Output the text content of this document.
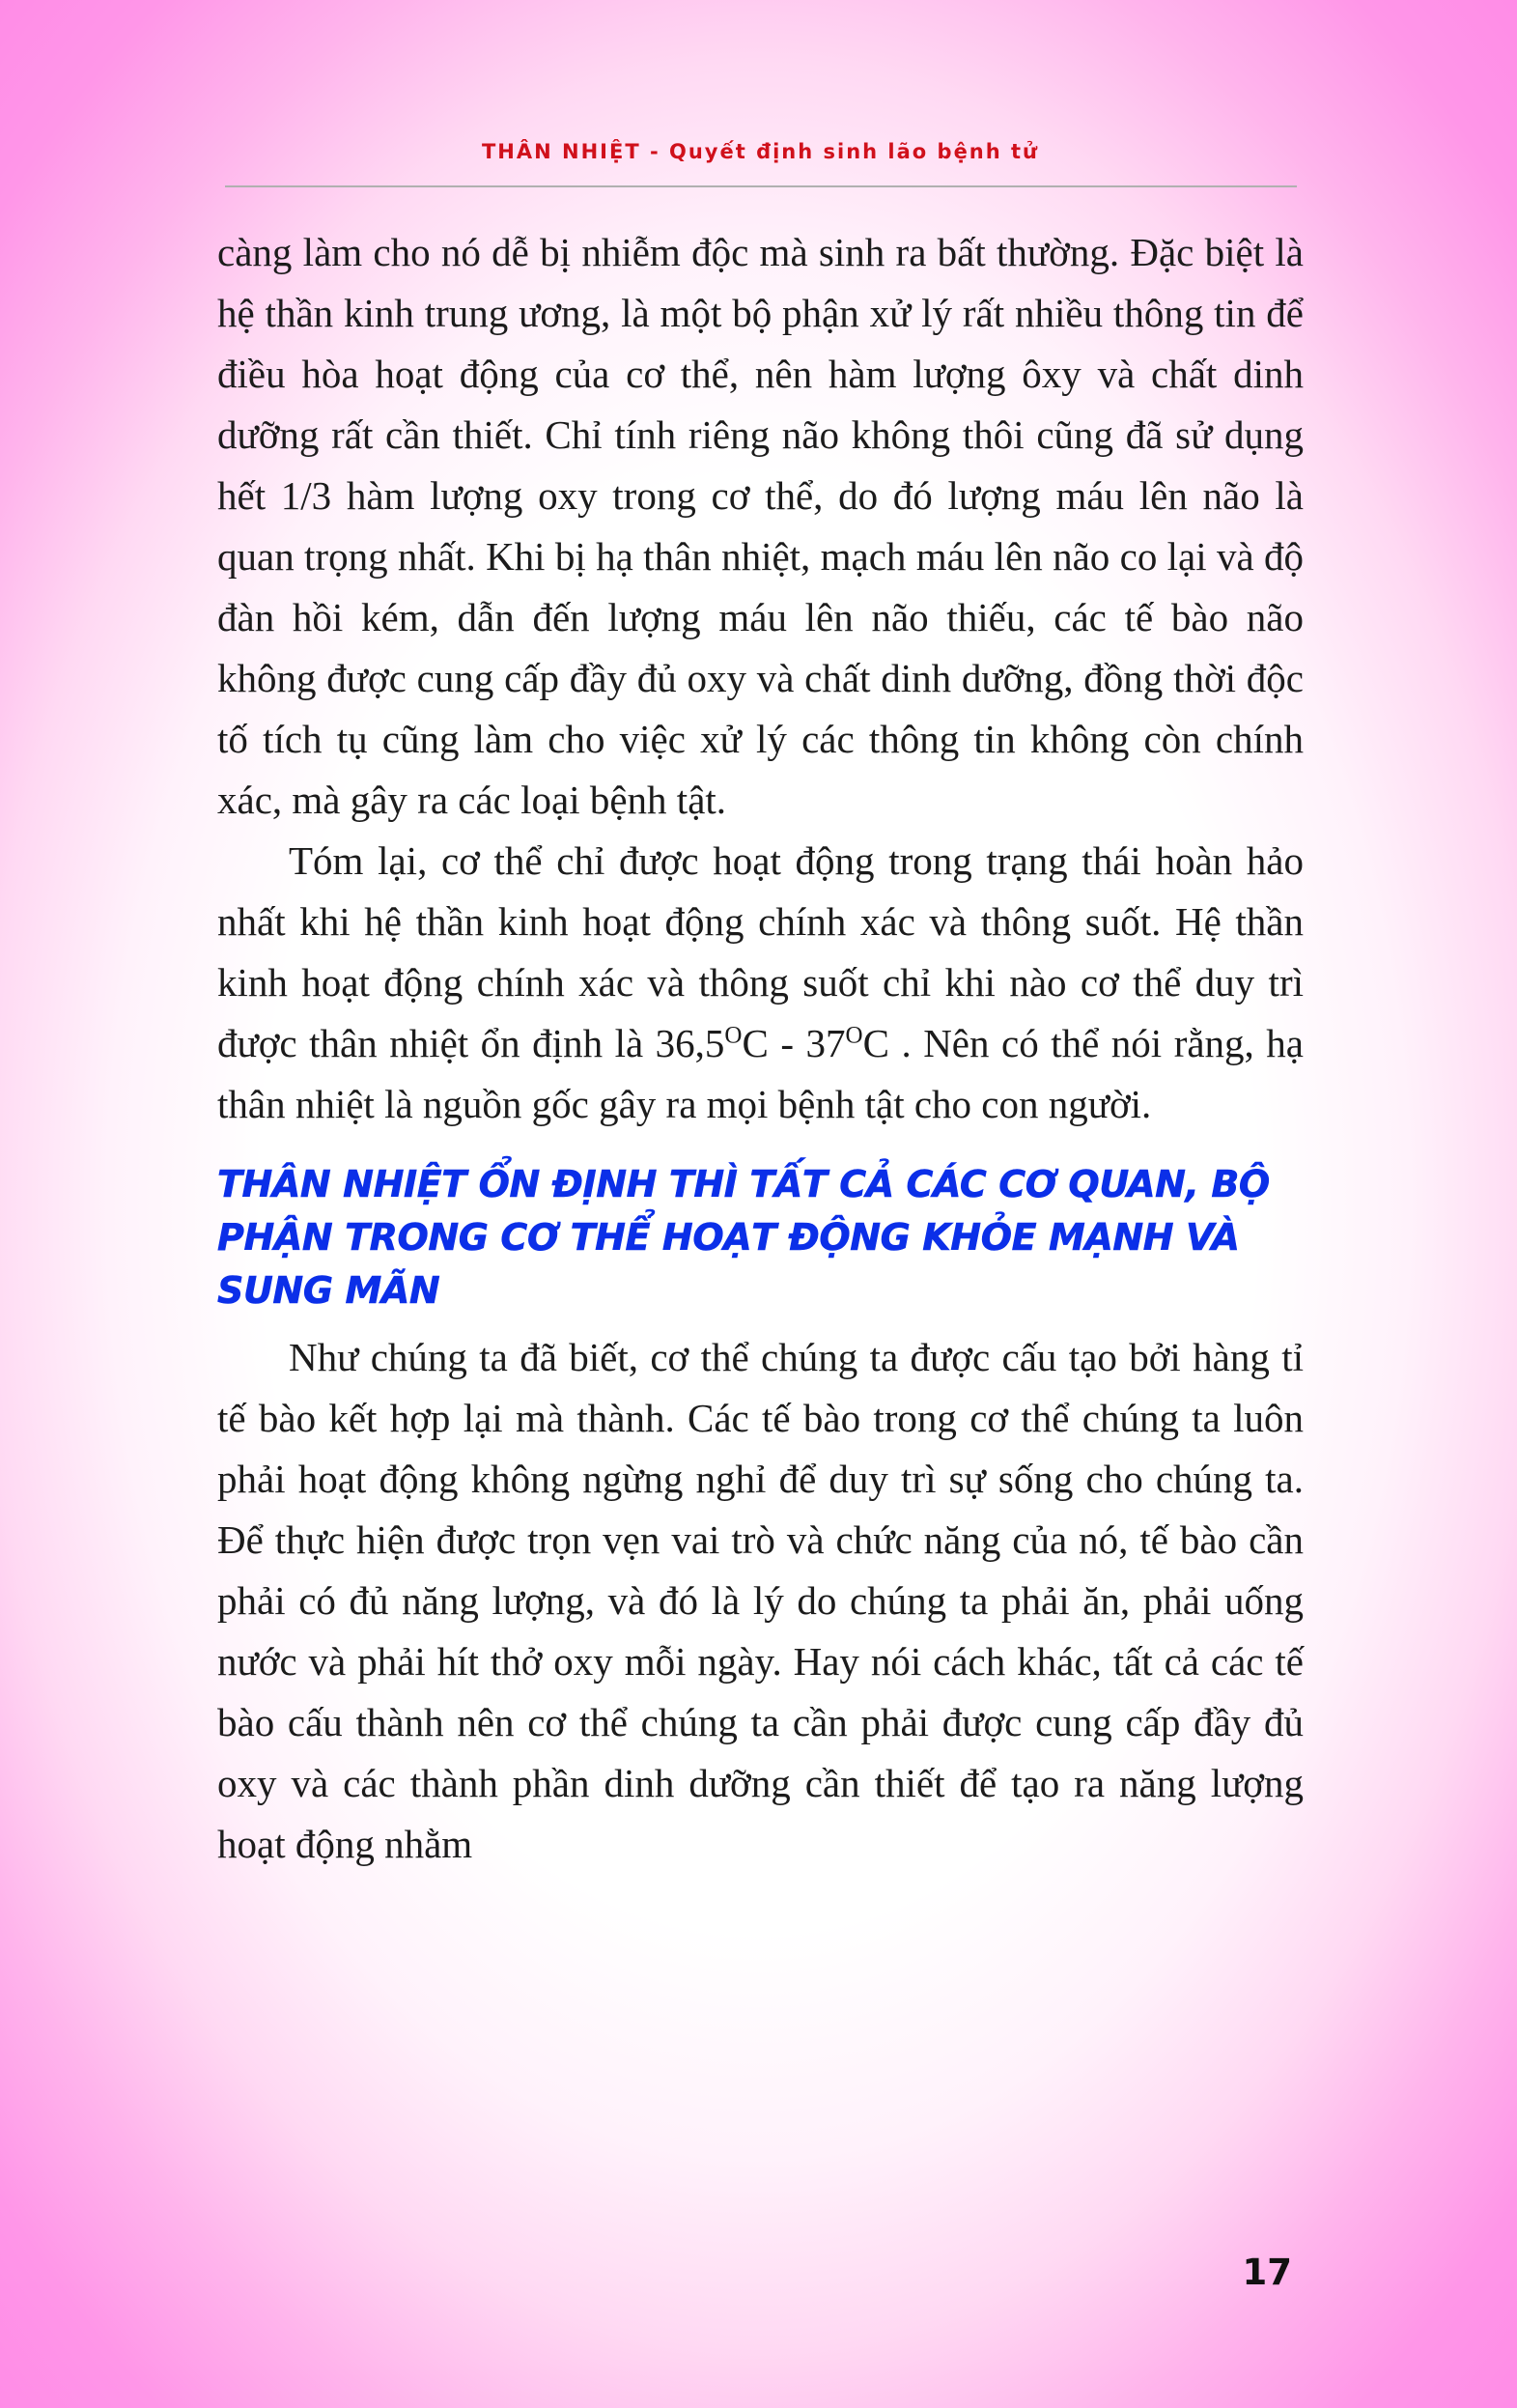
THÂN NHIỆT - Quyết định sinh lão bệnh tử

càng làm cho nó dễ bị nhiễm độc mà sinh ra bất thường. Đặc biệt là hệ thần kinh trung ương, là một bộ phận xử lý rất nhiều thông tin để điều hòa hoạt động của cơ thể, nên hàm lượng ôxy và chất dinh dưỡng rất cần thiết. Chỉ tính riêng não không thôi cũng đã sử dụng hết 1/3 hàm lượng oxy trong cơ thể, do đó lượng máu lên não là quan trọng nhất. Khi bị hạ thân nhiệt, mạch máu lên não co lại và độ đàn hồi kém, dẫn đến lượng máu lên não thiếu, các tế bào não không được cung cấp đầy đủ oxy và chất dinh dưỡng, đồng thời độc tố tích tụ cũng làm cho việc xử lý các thông tin không còn chính xác, mà gây ra các loại bệnh tật.

Tóm lại, cơ thể chỉ được hoạt động trong trạng thái hoàn hảo nhất khi hệ thần kinh hoạt động chính xác và thông suốt. Hệ thần kinh hoạt động chính xác và thông suốt chỉ khi nào cơ thể duy trì được thân nhiệt ổn định là $36,5^OC - 37^OC$ . Nên có thể nói rằng, hạ thân nhiệt là nguồn gốc gây ra mọi bệnh tật cho con người.

THÂN NHIỆT ỔN ĐỊNH THÌ TẤT CẢ CÁC CƠ QUAN, BỘ PHẬN TRONG CƠ THỂ HOẠT ĐỘNG KHỎE MẠNH VÀ SUNG MÃN

Như chúng ta đã biết, cơ thể chúng ta được cấu tạo bởi hàng tỉ tế bào kết hợp lại mà thành. Các tế bào trong cơ thể chúng ta luôn phải hoạt động không ngừng nghỉ để duy trì sự sống cho chúng ta. Để thực hiện được trọn vẹn vai trò và chức năng của nó, tế bào cần phải có đủ năng lượng, và đó là lý do chúng ta phải ăn, phải uống nước và phải hít thở oxy mỗi ngày. Hay nói cách khác, tất cả các tế bào cấu thành nên cơ thể chúng ta cần phải được cung cấp đầy đủ oxy và các thành phần dinh dưỡng cần thiết để tạo ra năng lượng hoạt động nhằm

17
